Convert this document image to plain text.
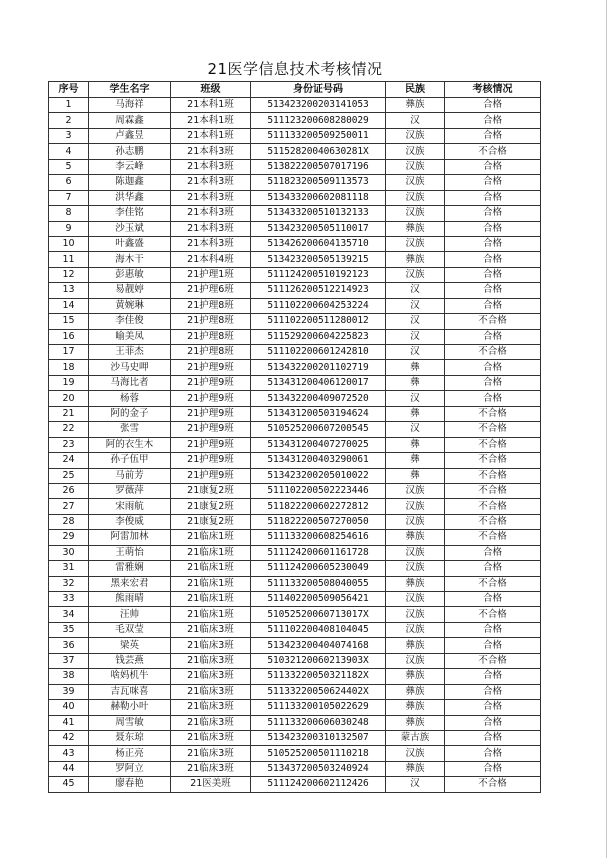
21医学信息技术考核情况
序号	学生名字	班级	身份证号码	民族	考核情况
1	马海祥	21本科1班	513423200203141053	彝族	合格
2	周霖鑫	21本科1班	511123200608280029	汉	合格
3	卢鑫昱	21本科1班	511133200509250011	汉族	合格
4	孙志鹏	21本科3班	51152820040630281X	汉族	不合格
5	李云峰	21本科3班	513822200507017196	汉族	合格
6	陈迦鑫	21本科3班	511823200509113573	汉族	合格
7	洪华鑫	21本科3班	513433200602081118	汉族	合格
8	李佳铭	21本科3班	513433200510132133	汉族	合格
9	沙玉斌	21本科3班	513423200505110017	彝族	合格
10	叶鑫盛	21本科3班	513426200604135710	汉族	合格
11	海木干	21本科4班	513423200505139215	彝族	合格
12	彭惠敏	21护理1班	511124200510192123	汉族	合格
13	易靓婷	21护理6班	511126200512214923	汉	合格
14	黄婉琳	21护理8班	511102200604253224	汉	合格
15	李佳俊	21护理8班	511102200511280012	汉	不合格
16	喻美凤	21护理8班	511529200604225823	汉	合格
17	王菲杰	21护理8班	511102200601242810	汉	不合格
18	沙马史呷	21护理9班	513432200201102719	彝	合格
19	马海比者	21护理9班	513431200406120017	彝	合格
20	杨蓉	21护理9班	513432200409072520	汉	合格
21	阿的金子	21护理9班	513431200503194624	彝	不合格
22	张雪	21护理9班	510525200607200545	汉	不合格
23	阿的衣生木	21护理9班	513431200407270025	彝	不合格
24	孙子伍甲	21护理9班	513431200403290061	彝	不合格
25	马前芳	21护理9班	513423200205010022	彝	不合格
26	罗薇萍	21康复2班	511102200502223446	汉族	不合格
27	宋雨航	21康复2班	511822200602272812	汉族	不合格
28	李俊威	21康复2班	511822200507270050	汉族	不合格
29	阿雷加林	21临床1班	511133200608254616	彝族	不合格
30	王萌怡	21临床1班	511124200601161728	汉族	合格
31	雷雅娴	21临床1班	511124200605230049	汉族	合格
32	黑来宏君	21临床1班	511133200508040055	彝族	不合格
33	熊雨晴	21临床1班	511402200509056421	汉族	合格
34	汪帅	21临床1班	51052520060713017X	汉族	不合格
35	毛双莹	21临床3班	511102200408104045	汉族	合格
36	梁英	21临床3班	513423200404074168	彝族	合格
37	钱芸燕	21临床3班	51032120060213903X	汉族	不合格
38	啥妈机牛	21临床3班	51133220050321182X	彝族	合格
39	吉瓦咪喜	21临床3班	51133220050624402X	彝族	合格
40	赫勒小叶	21临床3班	511133200105022629	彝族	合格
41	周雪敏	21临床3班	511133200606030248	彝族	合格
42	聂东琼	21临床3班	513423200310132507	蒙古族	合格
43	杨正亮	21临床3班	510525200501110218	汉族	合格
44	罗阿立	21临床3班	513437200503240924	彝族	合格
45	廖春艳	21医美班	511124200602112426	汉	不合格
